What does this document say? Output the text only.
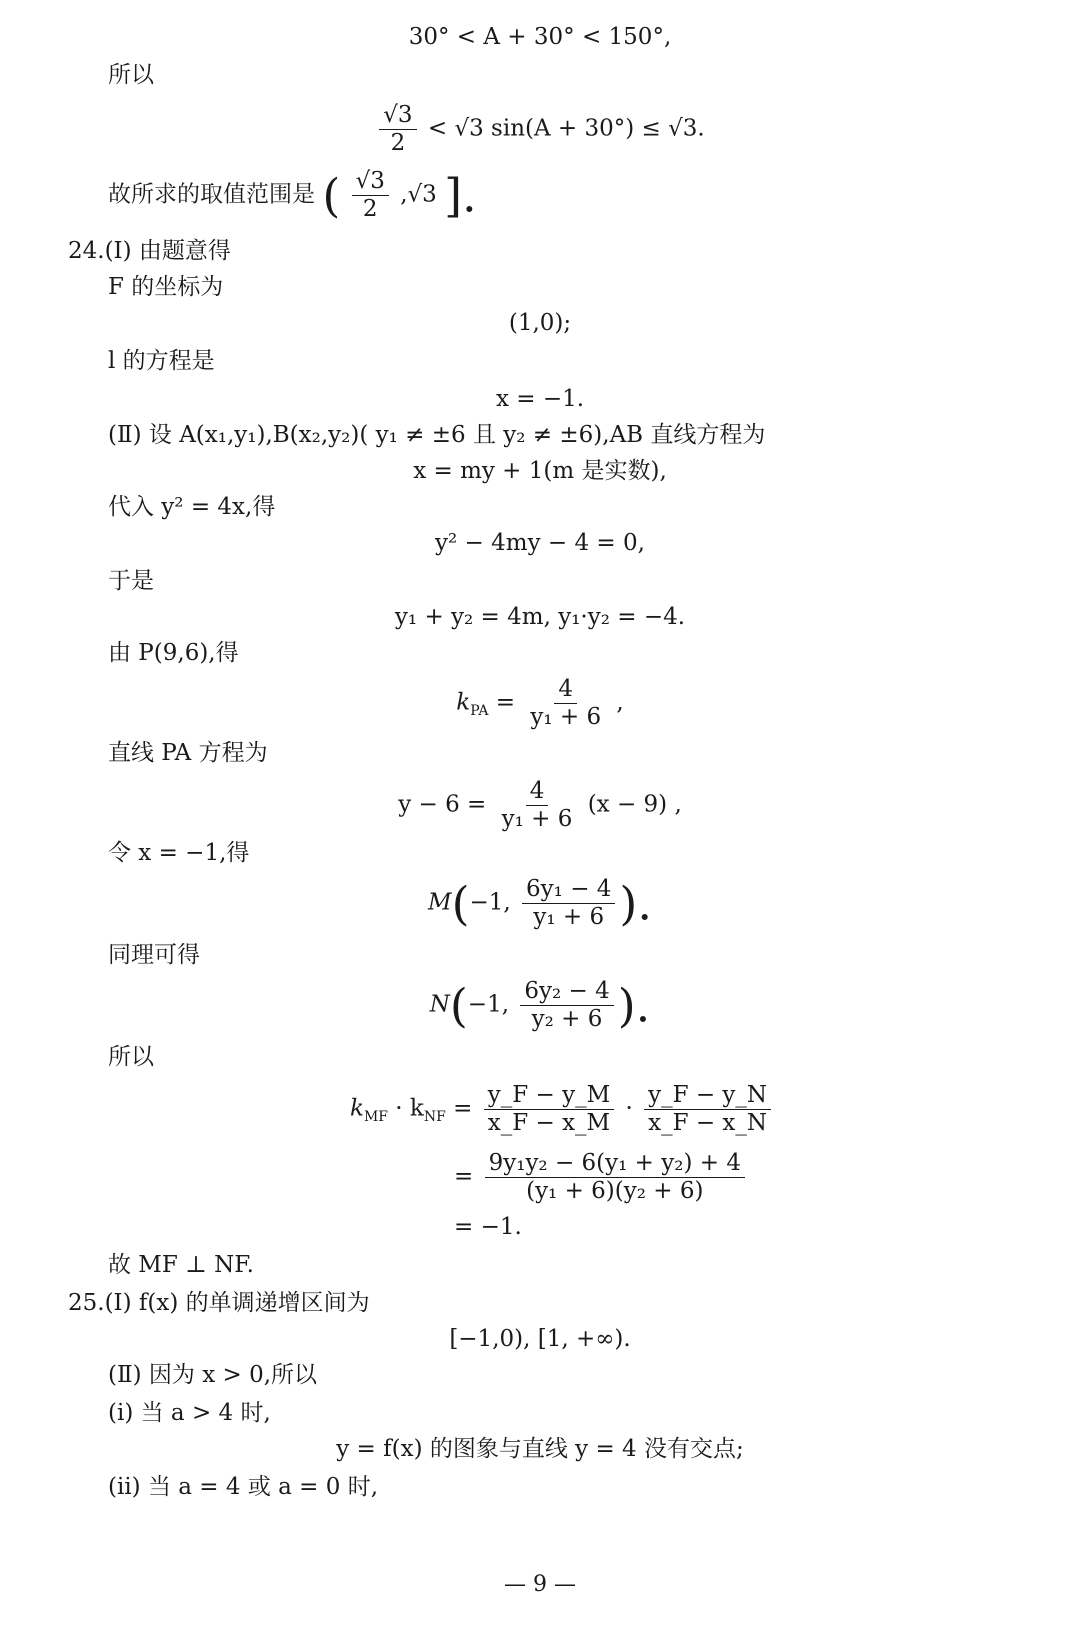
30° < A + 30° < 150°,
所以
$\frac{√3}{2} < √3$ sin(A + 30°) ≤ √3.
故所求的取值范围是 ( $\frac{√3}{2} ,√3$ ].
24.(Ⅰ) 由题意得
F 的坐标为
(1,0);
l 的方程是
x = −1.
(Ⅱ) 设 A(x₁,y₁),B(x₂,y₂)( y₁ ≠ ±6 且 y₂ ≠ ±6),AB 直线方程为
x = my + 1(m 是实数),
代入 y² = 4x,得
y² − 4my − 4 = 0,
于是
y₁ + y₂ = 4m, y₁·y₂ = −4.
由 P(9,6),得
$k_{PA} = \frac{4}{\text{y₁ + 6}}$ ,
直线 PA 方程为
$y - 6 = \frac{4}{\text{y₁ + 6}} (x - 9)$ ,
令 x = −1,得
M(−1, $\frac{\text{6y₁ − 4}}{\text{y₁ + 6}}$ ).
同理可得
N(−1, $\frac{\text{6y₂ − 4}}{\text{y₂ + 6}}$ ).
所以
$k_{MF} \cdot k_{NF} = \frac{y\_F - y\_M}{x\_F - x\_M} \cdot \frac{y\_F - y\_N}{x\_F - x\_N}$
= $\frac{\text{9y₁y₂ − 6(y₁ + y₂) + 4}}{\text{(y₁ + 6)(y₂ + 6)}}$
= −1.
故 MF ⊥ NF.
25.(Ⅰ) f(x) 的单调递增区间为
[−1,0), [1, +∞).
(Ⅱ) 因为 x > 0,所以
(ⅰ) 当 a > 4 时,
y = f(x) 的图象与直线 y = 4 没有交点;
(ⅱ) 当 a = 4 或 a = 0 时,
— 9 —
